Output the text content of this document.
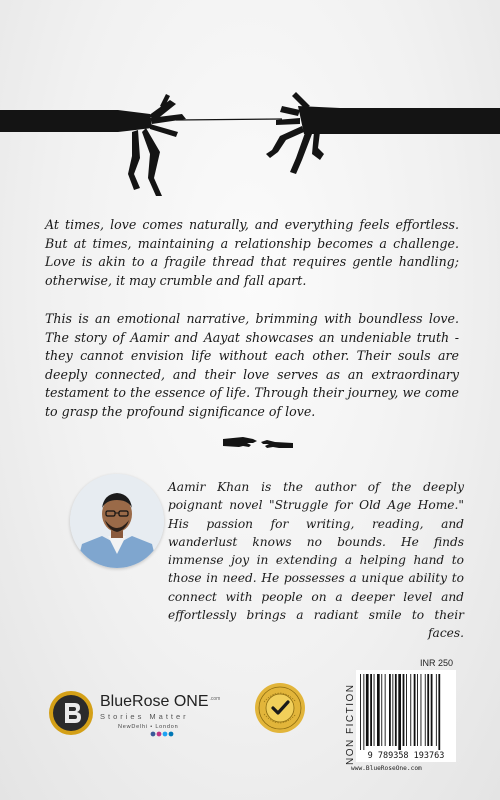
At times, love comes naturally, and everything feels effortless. But at times, maintaining a relationship becomes a challenge. Love is akin to a fragile thread that requires gentle handling; otherwise, it may crumble and fall apart.

This is an emotional narrative, brimming with boundless love. The story of Aamir and Aayat showcases an undeniable truth - they cannot envision life without each other. Their souls are deeply connected, and their love serves as an extraordinary testament to the essence of life. Through their journey, we come to grasp the profound significance of love.

Aamir Khan is the author of the deeply poignant novel "Struggle for Old Age Home." His passion for writing, reading, and wanderlust knows no bounds. He finds immense joy in extending a helping hand to those in need. He possesses a unique ability to connect with people on a deeper level and effortlessly brings a radiant smile to their faces.

BlueRose $ONE^{.com}$
Stories Matter
NewDelhi • London	NON FICTION
INR 250
9 789358 193763
www.BlueRoseOne.com
